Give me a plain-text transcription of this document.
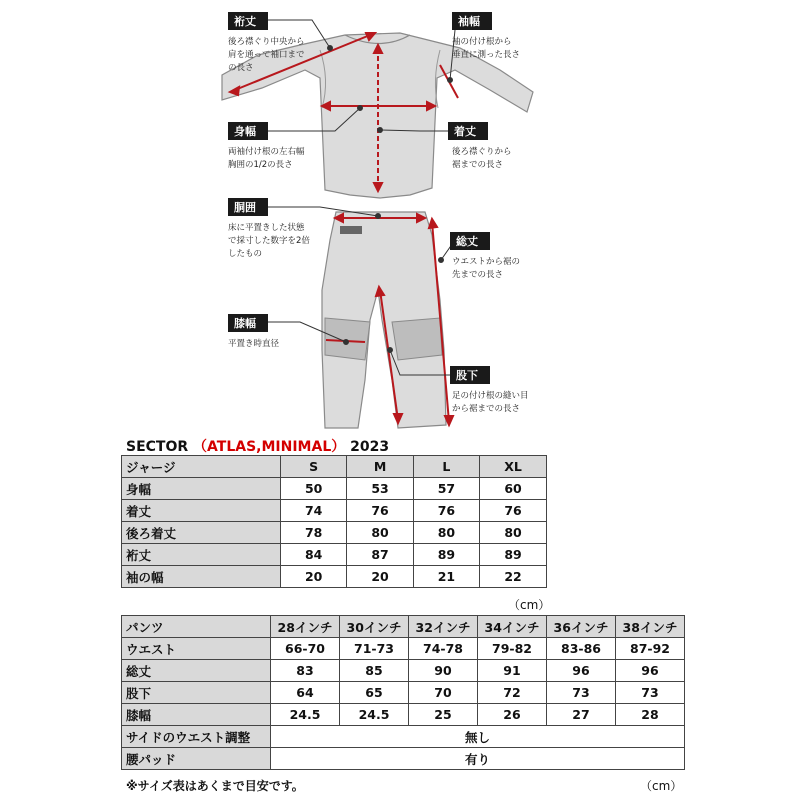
裄丈
後ろ襟ぐり中央から
肩を通って袖口まで
の長さ
袖幅
袖の付け根から
垂直に測った長さ
身幅
両袖付け根の左右幅
胸囲の1/2の長さ
着丈
後ろ襟ぐりから
裾までの長さ
胴囲
床に平置きした状態
で採寸した数字を2倍
したもの
総丈
ウエストから裾の
先までの長さ
膝幅
平置き時直径
股下
足の付け根の縫い目
から裾までの長さ
SECTOR （ATLAS,MINIMAL） 2023
ジャージ	S	M	L	XL
身幅	50	53	57	60
着丈	74	76	76	76
後ろ着丈	78	80	80	80
裄丈	84	87	89	89
袖の幅	20	20	21	22
（cm）
パンツ	28インチ	30インチ	32インチ	34インチ	36インチ	38インチ
ウエスト	66-70	71-73	74-78	79-82	83-86	87-92
総丈	83	85	90	91	96	96
股下	64	65	70	72	73	73
膝幅	24.5	24.5	25	26	27	28
サイドのウエスト調整	無し					
腰パッド	有り					
※サイズ表はあくまで目安です。	（cm）
